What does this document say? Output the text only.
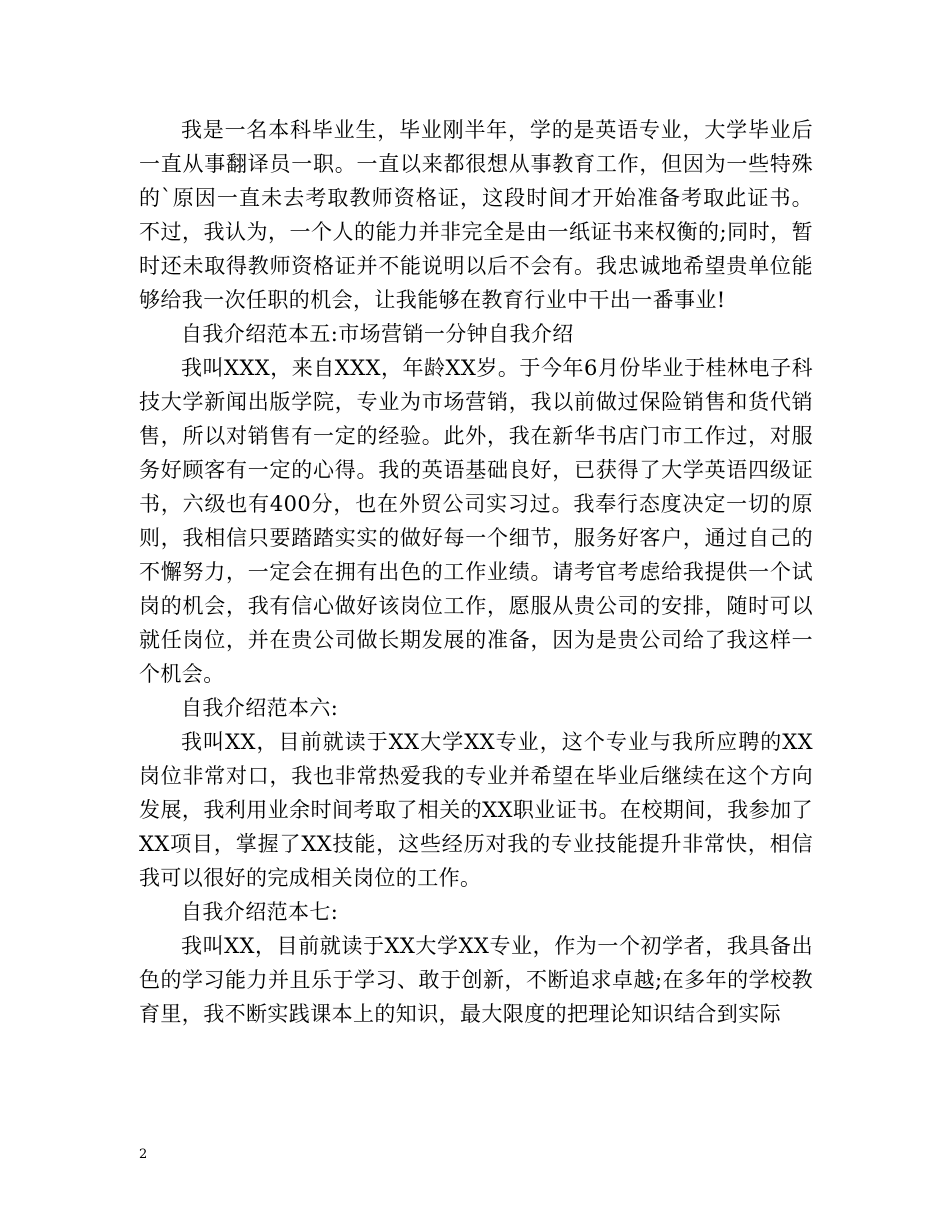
我是一名本科毕业生，毕业刚半年，学的是英语专业，大学毕业后一直从事翻译员一职。一直以来都很想从事教育工作，但因为一些特殊的`原因一直未去考取教师资格证，这段时间才开始准备考取此证书。不过，我认为，一个人的能力并非完全是由一纸证书来权衡的;同时，暂时还未取得教师资格证并不能说明以后不会有。我忠诚地希望贵单位能够给我一次任职的机会，让我能够在教育行业中干出一番事业!

自我介绍范本五:市场营销一分钟自我介绍

我叫XXX，来自XXX，年龄XX岁。于今年6月份毕业于桂林电子科技大学新闻出版学院，专业为市场营销，我以前做过保险销售和货代销售，所以对销售有一定的经验。此外，我在新华书店门市工作过，对服务好顾客有一定的心得。我的英语基础良好，已获得了大学英语四级证书，六级也有400分，也在外贸公司实习过。我奉行态度决定一切的原则，我相信只要踏踏实实的做好每一个细节，服务好客户，通过自己的不懈努力，一定会在拥有出色的工作业绩。请考官考虑给我提供一个试岗的机会，我有信心做好该岗位工作，愿服从贵公司的安排，随时可以就任岗位，并在贵公司做长期发展的准备，因为是贵公司给了我这样一个机会。

自我介绍范本六:

我叫XX，目前就读于XX大学XX专业，这个专业与我所应聘的XX岗位非常对口，我也非常热爱我的专业并希望在毕业后继续在这个方向发展，我利用业余时间考取了相关的XX职业证书。在校期间，我参加了XX项目，掌握了XX技能，这些经历对我的专业技能提升非常快，相信我可以很好的完成相关岗位的工作。

自我介绍范本七:

我叫XX，目前就读于XX大学XX专业，作为一个初学者，我具备出色的学习能力并且乐于学习、敢于创新，不断追求卓越;在多年的学校教育里，我不断实践课本上的知识，最大限度的把理论知识结合到实际

2
